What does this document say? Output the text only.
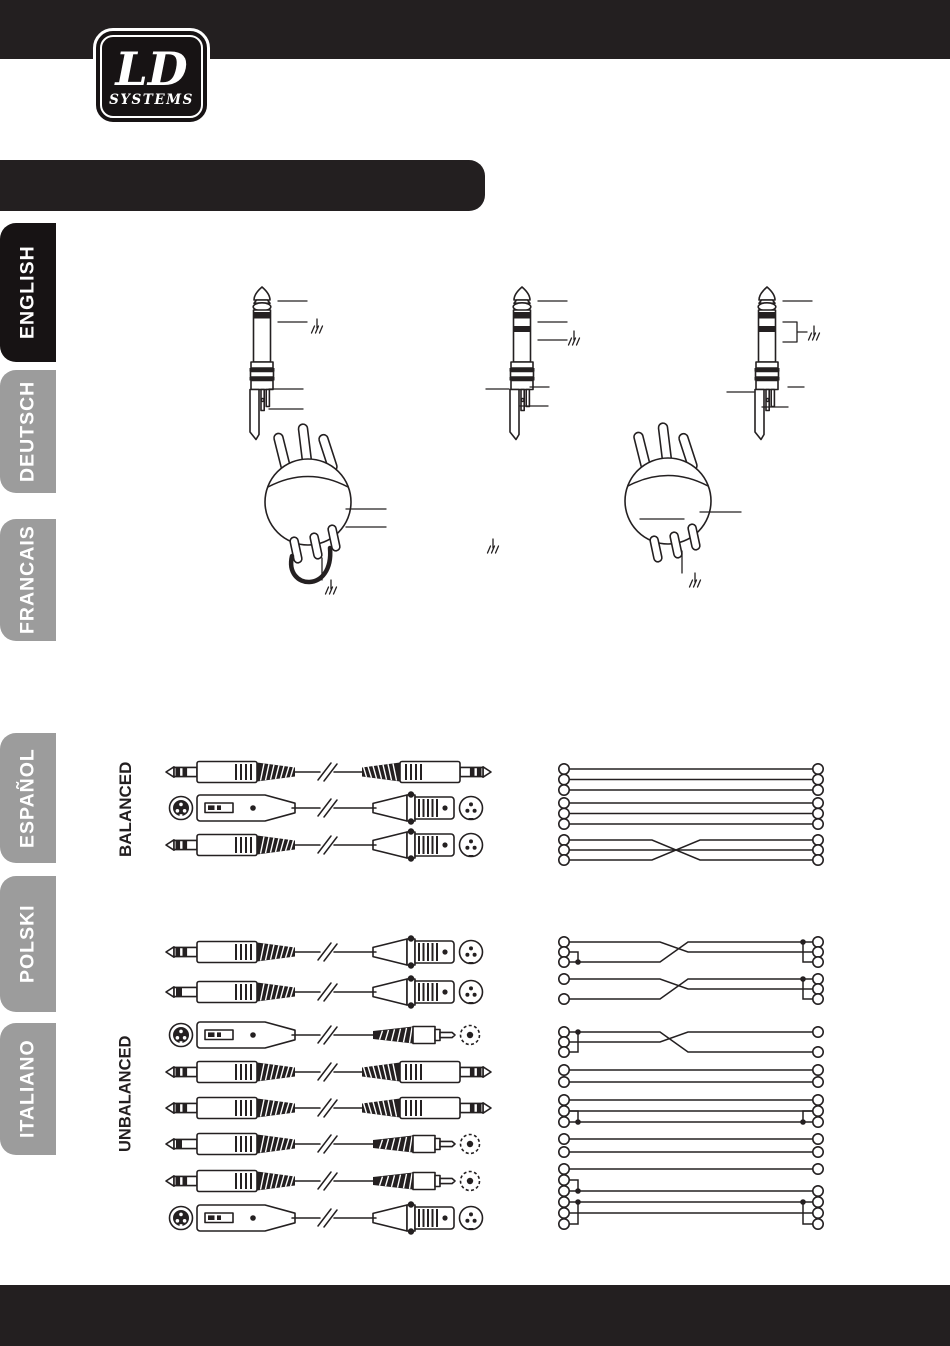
LD
SYSTEMS
ENGLISH
DEUTSCH
FRANCAIS
ESPAÑOL
POLSKI
ITALIANO
BALANCED
UNBALANCED
